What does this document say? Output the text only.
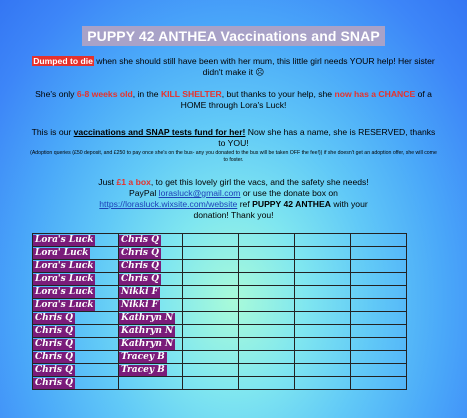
PUPPY 42 ANTHEA Vaccinations and SNAP
Dumped to die when she should still have been with her mum, this little girl needs YOUR help! Her sister didn't make it ☹
She's only 6-8 weeks old, in the KILL SHELTER, but thanks to your help, she now has a CHANCE of a HOME through Lora's Luck!
This is our vaccinations and SNAP tests fund for her! Now she has a name, she is RESERVED, thanks to YOU!
(Adoption queries (£50 deposit, and £250 to pay once she's on the bus- any you donated to the bus will be taken OFF the fee!)) if she doesn't get an adoption offer, she will come to foster.
Just £1 a box, to get this lovely girl the vacs, and the safety she needs!
PayPal lorasluck@gmail.com or use the donate box on
https://lorasluck.wixsite.com/website ref PUPPY 42 ANTHEA with your
donation! Thank you!
Lora's Luck	Chris Q				
Lora' Luck	Chris Q				
Lora's Luck	Chris Q				
Lora's Luck	Chris Q				
Lora's Luck	Nikki F				
Lora's Luck	Nikki F				
Chris Q	Kathryn N				
Chris Q	Kathryn N				
Chris Q	Kathryn N				
Chris Q	Tracey B				
Chris Q	Tracey B				
Chris Q					
